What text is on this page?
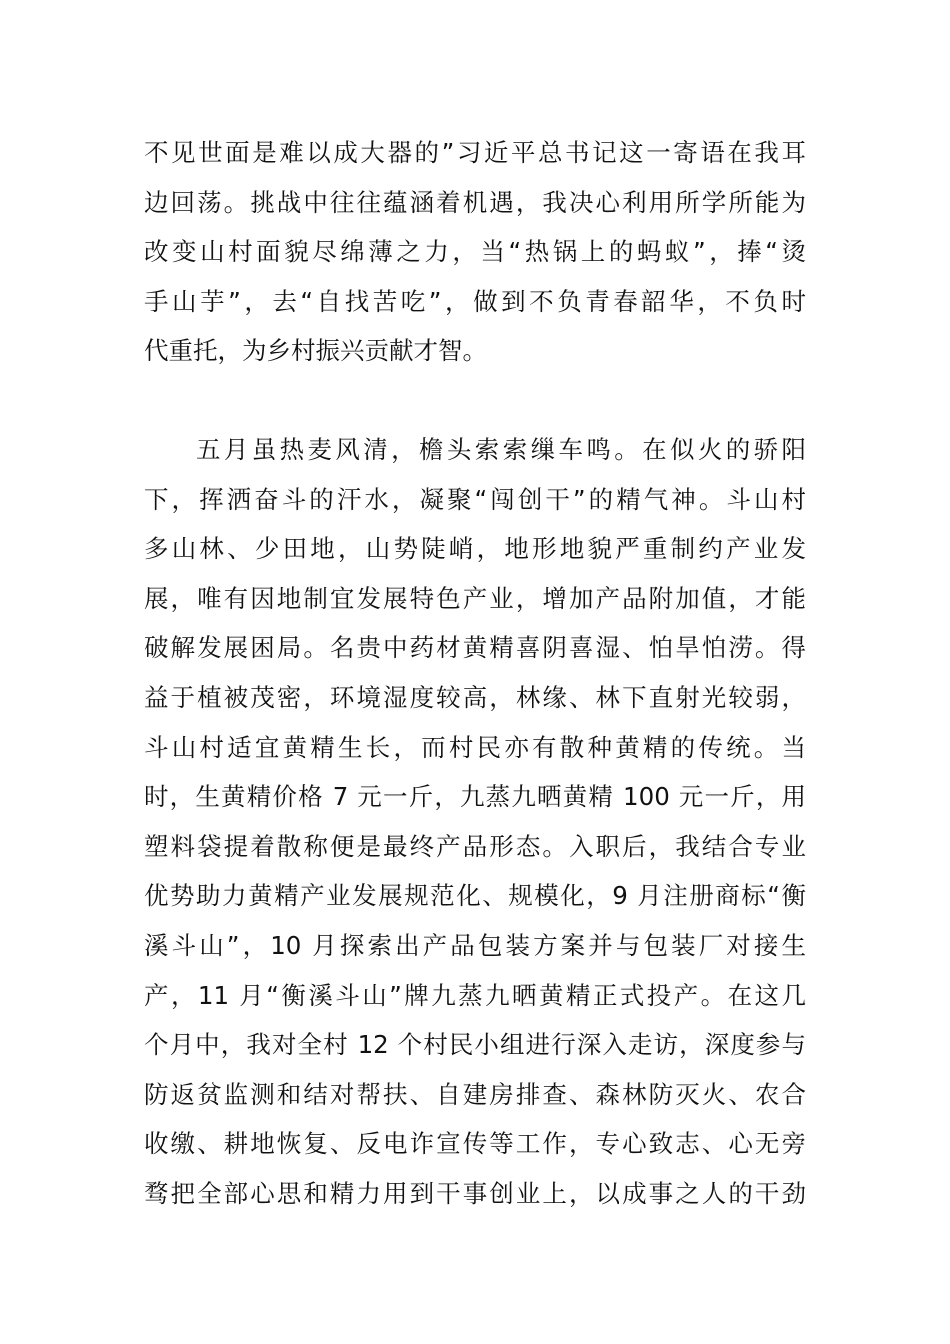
不见世面是难以成大器的”习近平总书记这一寄语在我耳
边回荡。挑战中往往蕴涵着机遇，我决心利用所学所能为
改变山村面貌尽绵薄之力，当“热锅上的蚂蚁”，捧“烫
手山芋”，去“自找苦吃”，做到不负青春韶华，不负时
代重托，为乡村振兴贡献才智。
五月虽热麦风清，檐头索索缫车鸣。在似火的骄阳
下，挥洒奋斗的汗水，凝聚“闯创干”的精气神。斗山村
多山林、少田地，山势陡峭，地形地貌严重制约产业发
展，唯有因地制宜发展特色产业，增加产品附加值，才能
破解发展困局。名贵中药材黄精喜阴喜湿、怕旱怕涝。得
益于植被茂密，环境湿度较高，林缘、林下直射光较弱，
斗山村适宜黄精生长，而村民亦有散种黄精的传统。当
时，生黄精价格 7 元一斤，九蒸九晒黄精 100 元一斤，用
塑料袋提着散称便是最终产品形态。入职后，我结合专业
优势助力黄精产业发展规范化、规模化，9 月注册商标“衡
溪斗山”，10 月探索出产品包装方案并与包装厂对接生
产，11 月“衡溪斗山”牌九蒸九晒黄精正式投产。在这几
个月中，我对全村 12 个村民小组进行深入走访，深度参与
防返贫监测和结对帮扶、自建房排查、森林防灭火、农合
收缴、耕地恢复、反电诈宣传等工作，专心致志、心无旁
骛把全部心思和精力用到干事创业上，以成事之人的干劲
